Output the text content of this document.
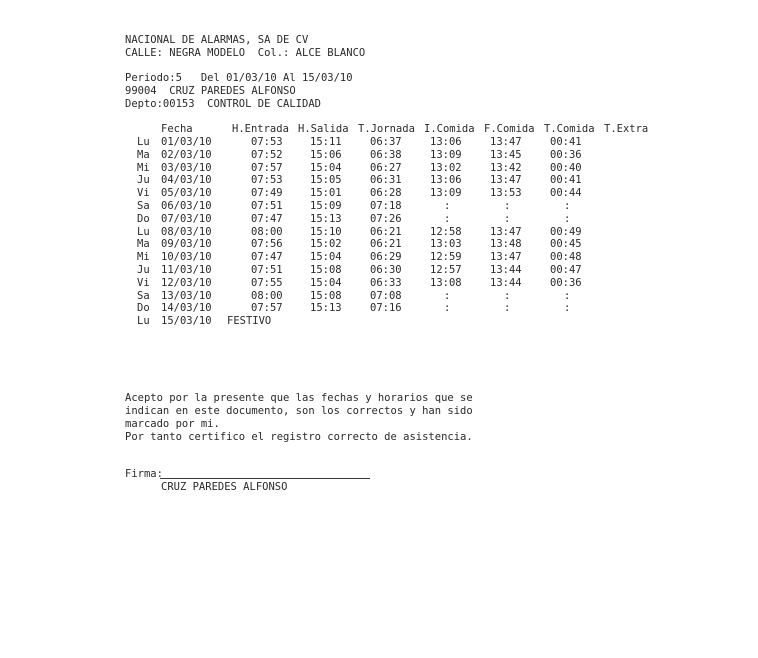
NACIONAL DE ALARMAS, SA DE CV
CALLE: NEGRA MODELO  Col.: ALCE BLANCO
Periodo:5   Del 01/03/10 Al 15/03/10
99004  CRUZ PAREDES ALFONSO
Depto:00153  CONTROL DE CALIDAD
Fecha	H.Entrada H.Salida T.Jornada I.Comida F.Comida T.Comida T.Extra
Lu 01/03/10	07:53	15:11	06:37	13:06	13:47	00:41
Ma 02/03/10	07:52	15:06	06:38	13:09	13:45	00:36
Mi 03/03/10	07:57	15:04	06:27	13:02	13:42	00:40
Ju 04/03/10	07:53	15:05	06:31	13:06	13:47	00:41
Vi 05/03/10	07:49	15:01	06:28	13:09	13:53	00:44
Sa 06/03/10	07:51	15:09	07:18	:	:	:
Do 07/03/10	07:47	15:13	07:26	:	:	:
Lu 08/03/10	08:00	15:10	06:21	12:58	13:47	00:49
Ma 09/03/10	07:56	15:02	06:21	13:03	13:48	00:45
Mi 10/03/10	07:47	15:04	06:29	12:59	13:47	00:48
Ju 11/03/10	07:51	15:08	06:30	12:57	13:44	00:47
Vi 12/03/10	07:55	15:04	06:33	13:08	13:44	00:36
Sa 13/03/10	08:00	15:08	07:08	:	:	:
Do 14/03/10	07:57	15:13	07:16	:	:	:
Lu 15/03/10 FESTIVO
Acepto por la presente que las fechas y horarios que se
indican en este documento, son los correctos y han sido
marcado por mi.
Por tanto certifico el registro correcto de asistencia.
Firma:
CRUZ PAREDES ALFONSO
